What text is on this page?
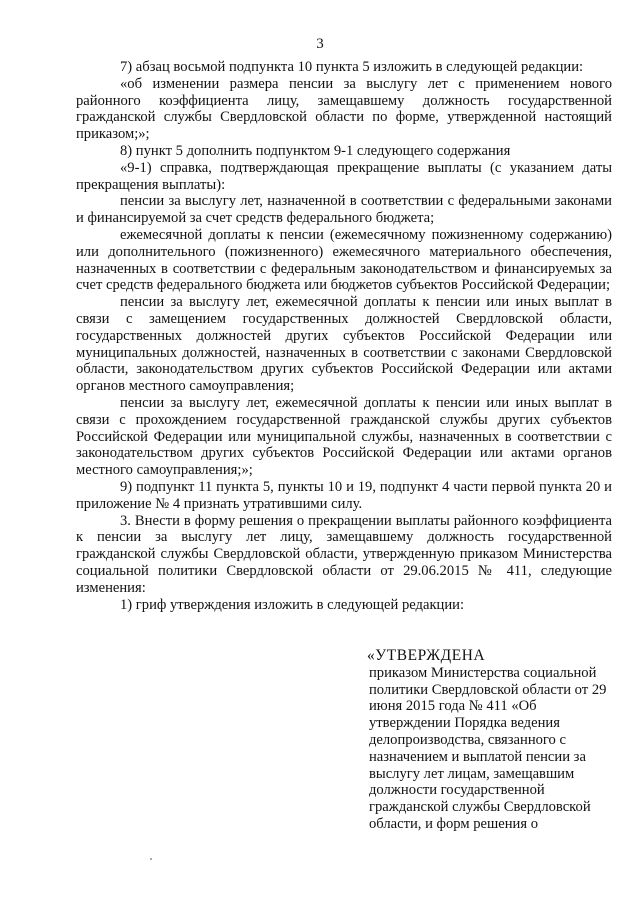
3

7) абзац восьмой подпункта 10 пункта 5 изложить в следующей редакции:

«об изменении размера пенсии за выслугу лет с применением нового районного коэффициента лицу, замещавшему должность государственной гражданской службы Свердловской области по форме, утвержденной настоящий приказом;»;

8) пункт 5 дополнить подпунктом 9-1 следующего содержания

«9-1) справка, подтверждающая прекращение выплаты (с указанием даты прекращения выплаты):

пенсии за выслугу лет, назначенной в соответствии с федеральными законами и финансируемой за счет средств федерального бюджета;

ежемесячной доплаты к пенсии (ежемесячному пожизненному содержанию) или дополнительного (пожизненного) ежемесячного материального обеспечения, назначенных в соответствии с федеральным законодательством и финансируемых за счет средств федерального бюджета или бюджетов субъектов Российской Федерации;

пенсии за выслугу лет, ежемесячной доплаты к пенсии или иных выплат в связи с замещением государственных должностей Свердловской области, государственных должностей других субъектов Российской Федерации или муниципальных должностей, назначенных в соответствии с законами Свердловской области, законодательством других субъектов Российской Федерации или актами органов местного самоуправления;

пенсии за выслугу лет, ежемесячной доплаты к пенсии или иных выплат в связи с прохождением государственной гражданской службы других субъектов Российской Федерации или муниципальной службы, назначенных в соответствии с законодательством других субъектов Российской Федерации или актами органов местного самоуправления;»;

9) подпункт 11 пункта 5, пункты 10 и 19, подпункт 4 части первой пункта 20 и приложение № 4 признать утратившими силу.

3. Внести в форму решения о прекращении выплаты районного коэффициента к пенсии за выслугу лет лицу, замещавшему должность государственной гражданской службы Свердловской области, утвержденную приказом Министерства социальной политики Свердловской области от 29.06.2015 № 411, следующие изменения:

1) гриф утверждения изложить в следующей редакции:

«УТВЕРЖДЕНА
приказом Министерства социальной политики Свердловской области от 29 июня 2015 года № 411 «Об утверждении Порядка ведения делопроизводства, связанного с назначением и выплатой пенсии за выслугу лет лицам, замещавшим должности государственной гражданской службы Свердловской области, и форм решения о
